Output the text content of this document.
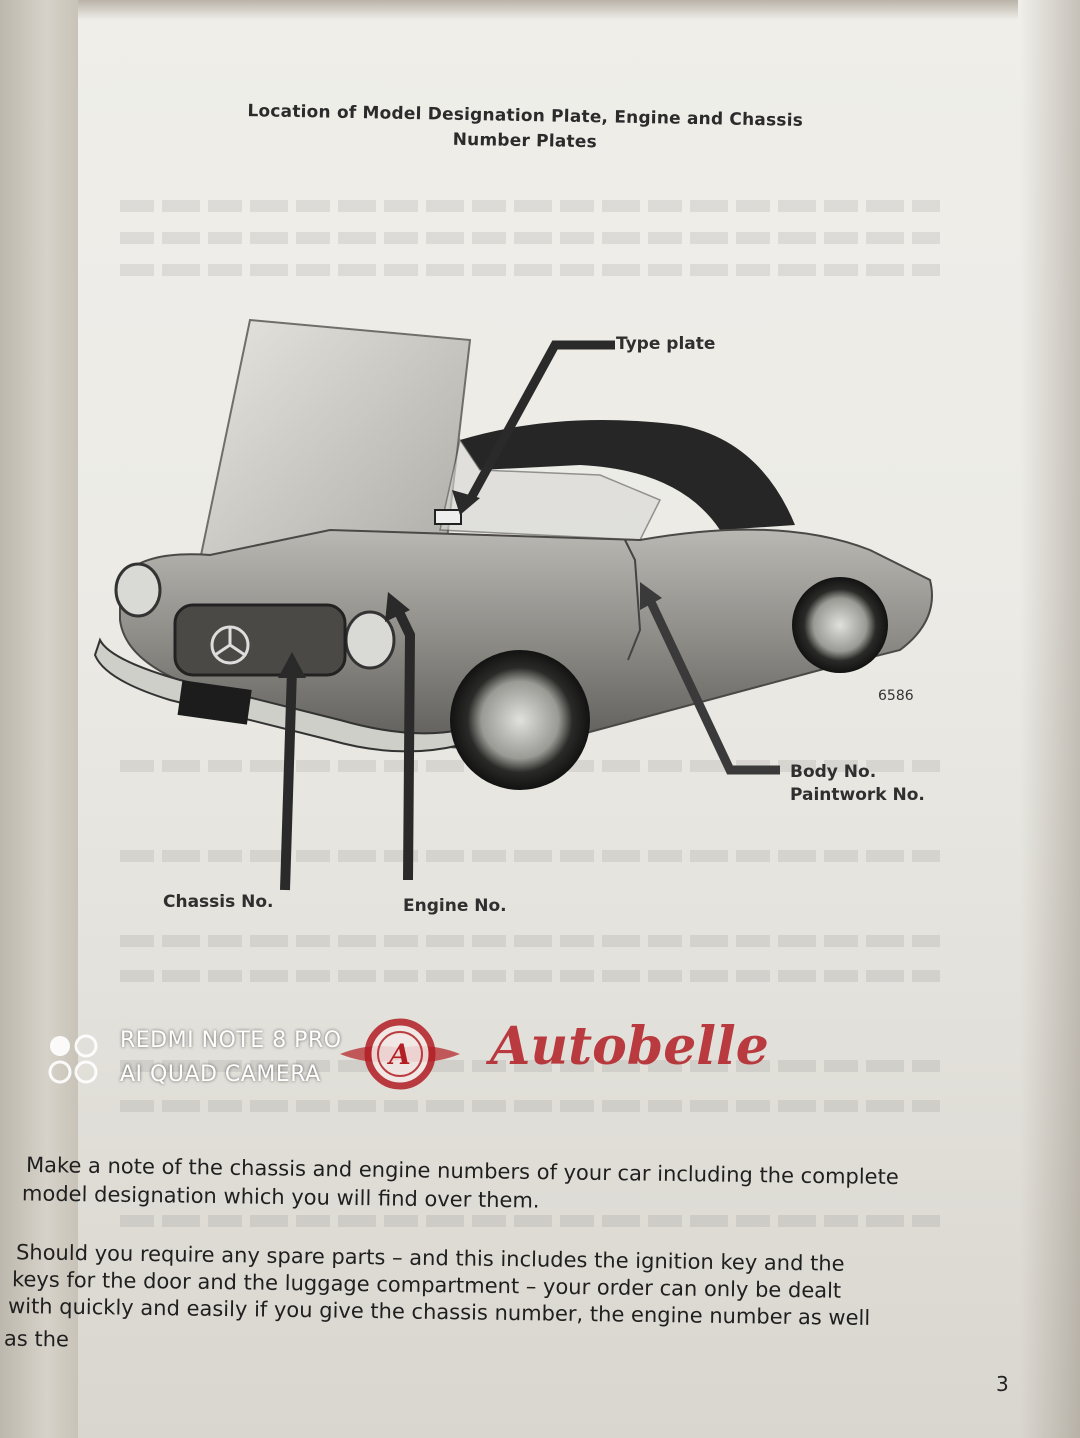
Location of Model Designation Plate, Engine and Chassis
Number Plates
Type plate
Body No.
Paintwork No.
Chassis No.	Engine No.
6586
Make a note of the chassis and engine numbers of your car including the complete
model designation which you will find over them.
Should you require any spare parts – and this includes the ignition key and the
keys for the door and the luggage compartment – your order can only be dealt
with quickly and easily if you give the chassis number, the engine number as well
as the
REDMI NOTE 8 PRO
AI QUAD CAMERA
A Autobelle
3
